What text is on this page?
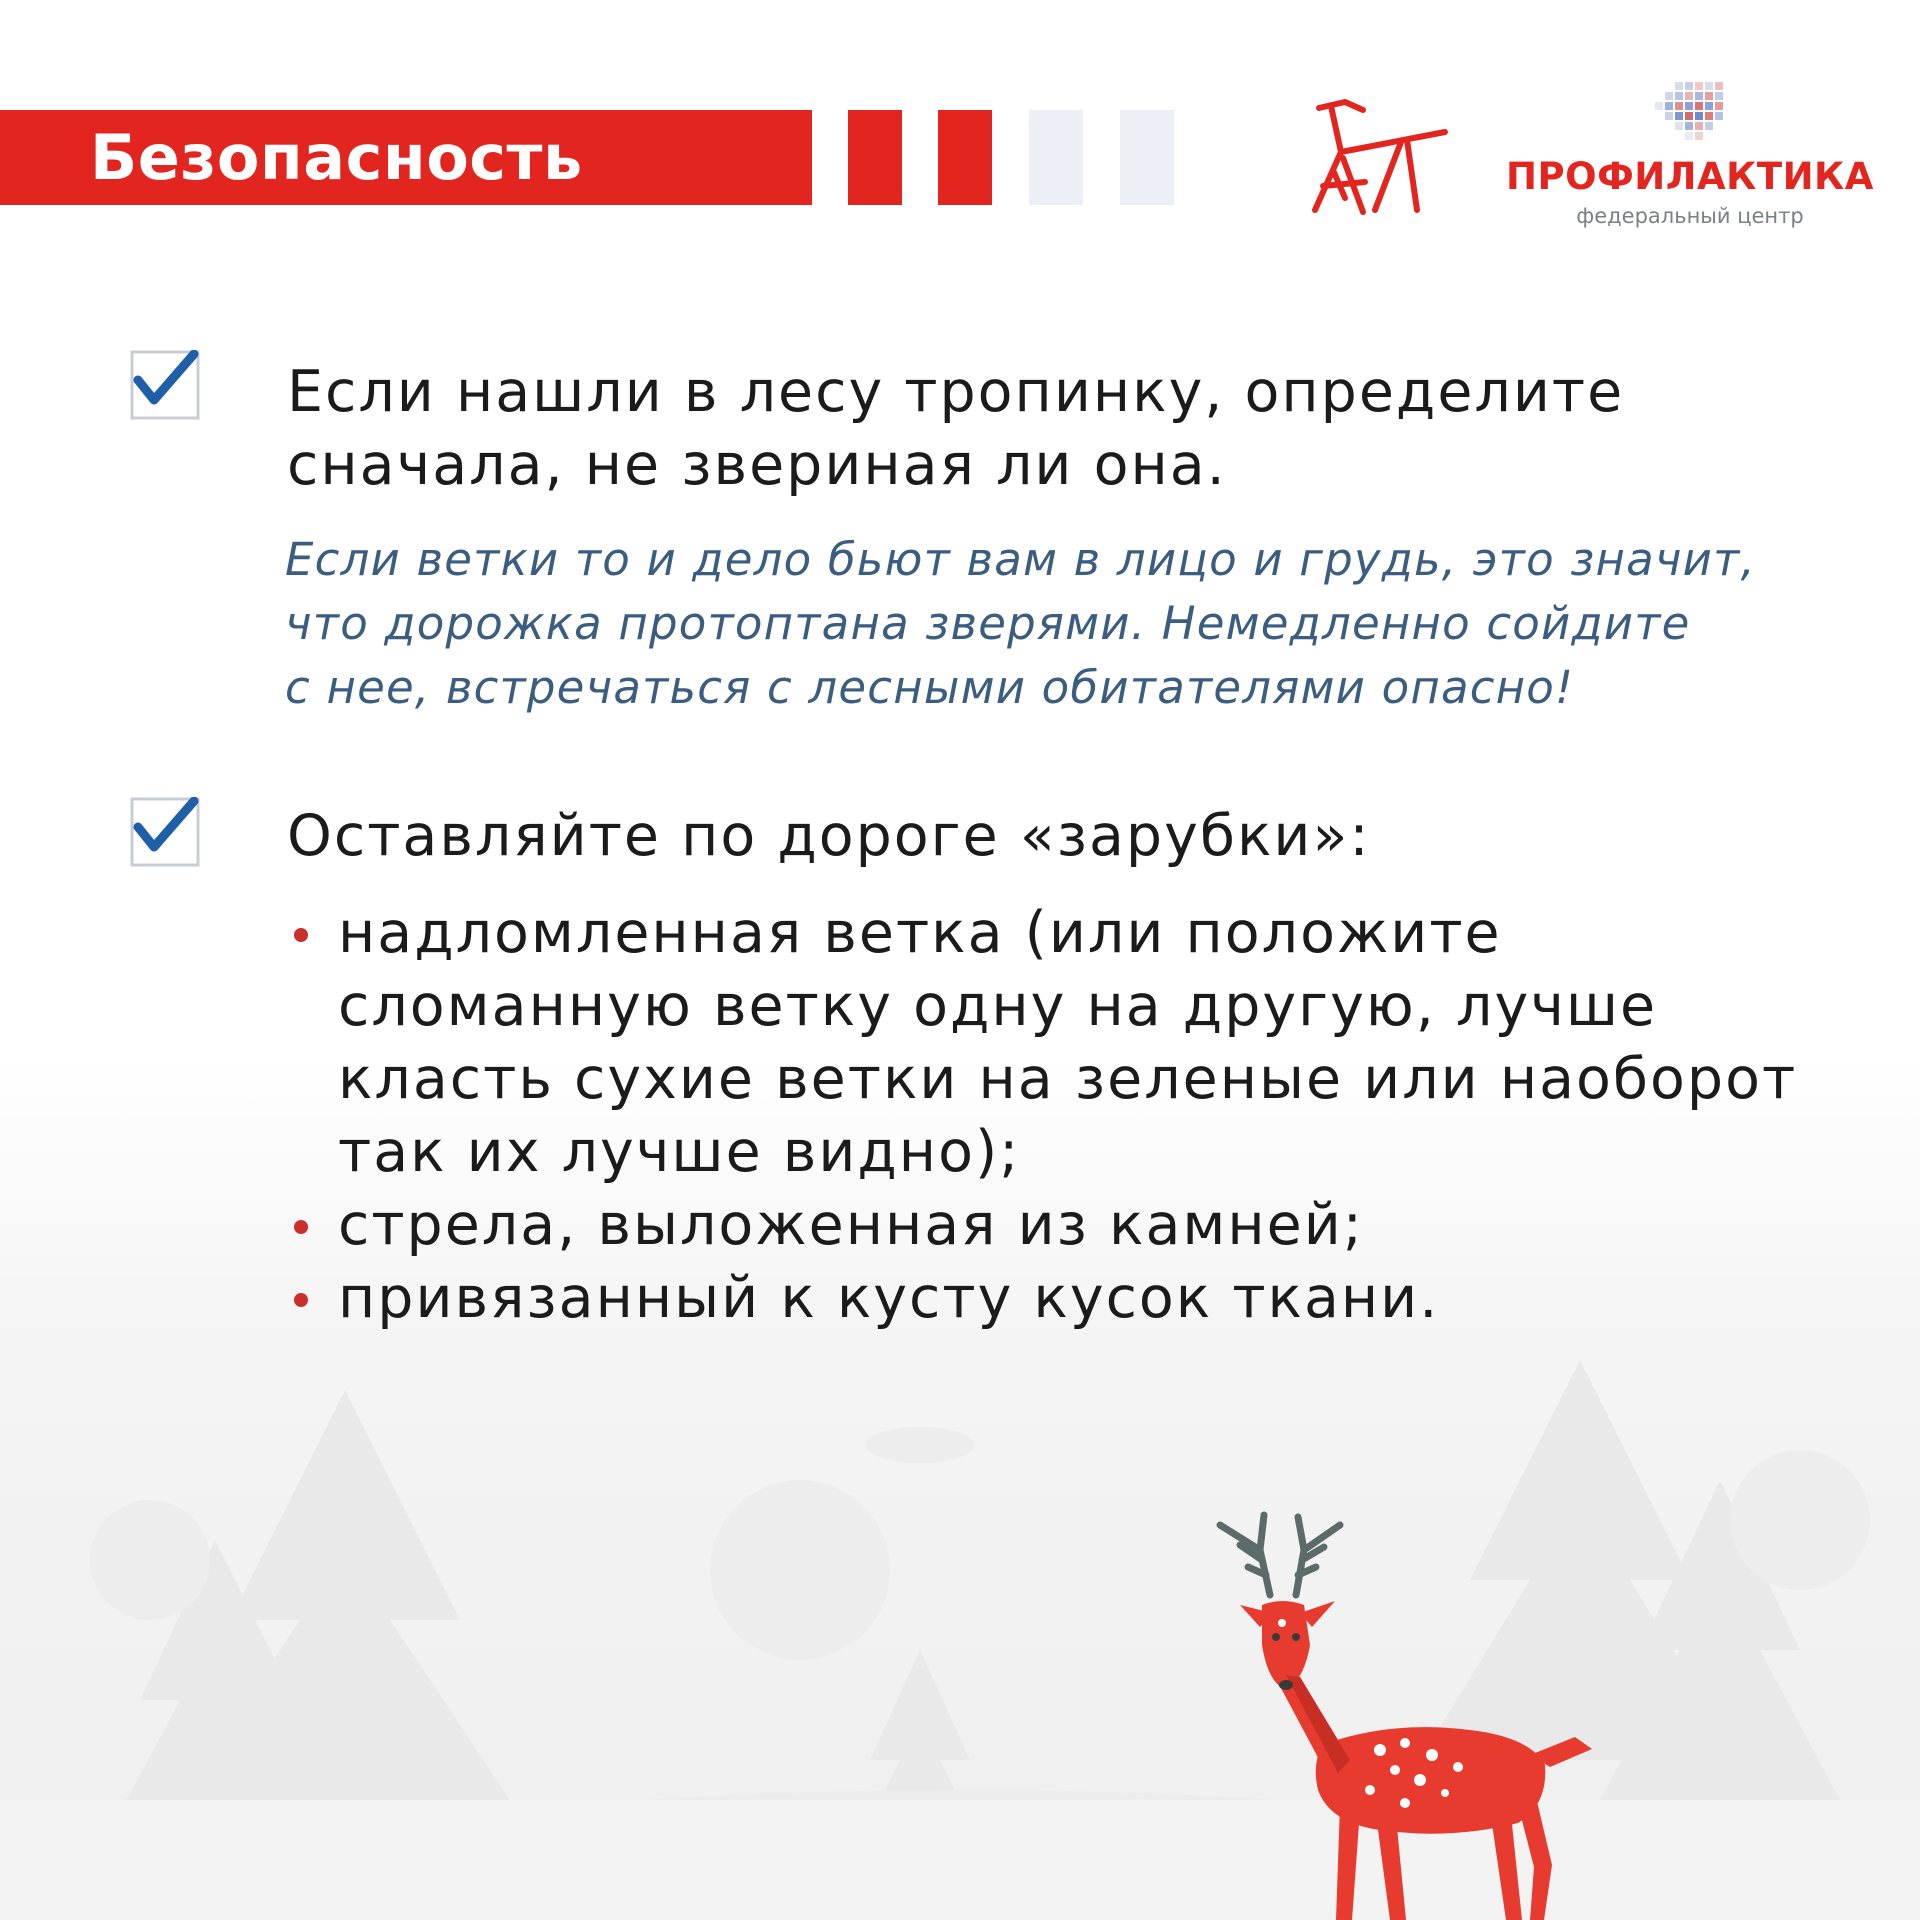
Безопасность	ПРОФИЛАКТИКА
федеральный центр
Если нашли в лесу тропинку, определите
сначала, не звериная ли она.
Если ветки то и дело бьют вам в лицо и грудь, это значит,
что дорожка протоптана зверями. Немедленно сойдите
с нее, встречаться с лесными обитателями опасно!
Оставляйте по дороге «зарубки»:
надломленная ветка (или положите
сломанную ветку одну на другую, лучше
класть сухие ветки на зеленые или наоборот
так их лучше видно);
стрела, выложенная из камней;
привязанный к кусту кусок ткани.
